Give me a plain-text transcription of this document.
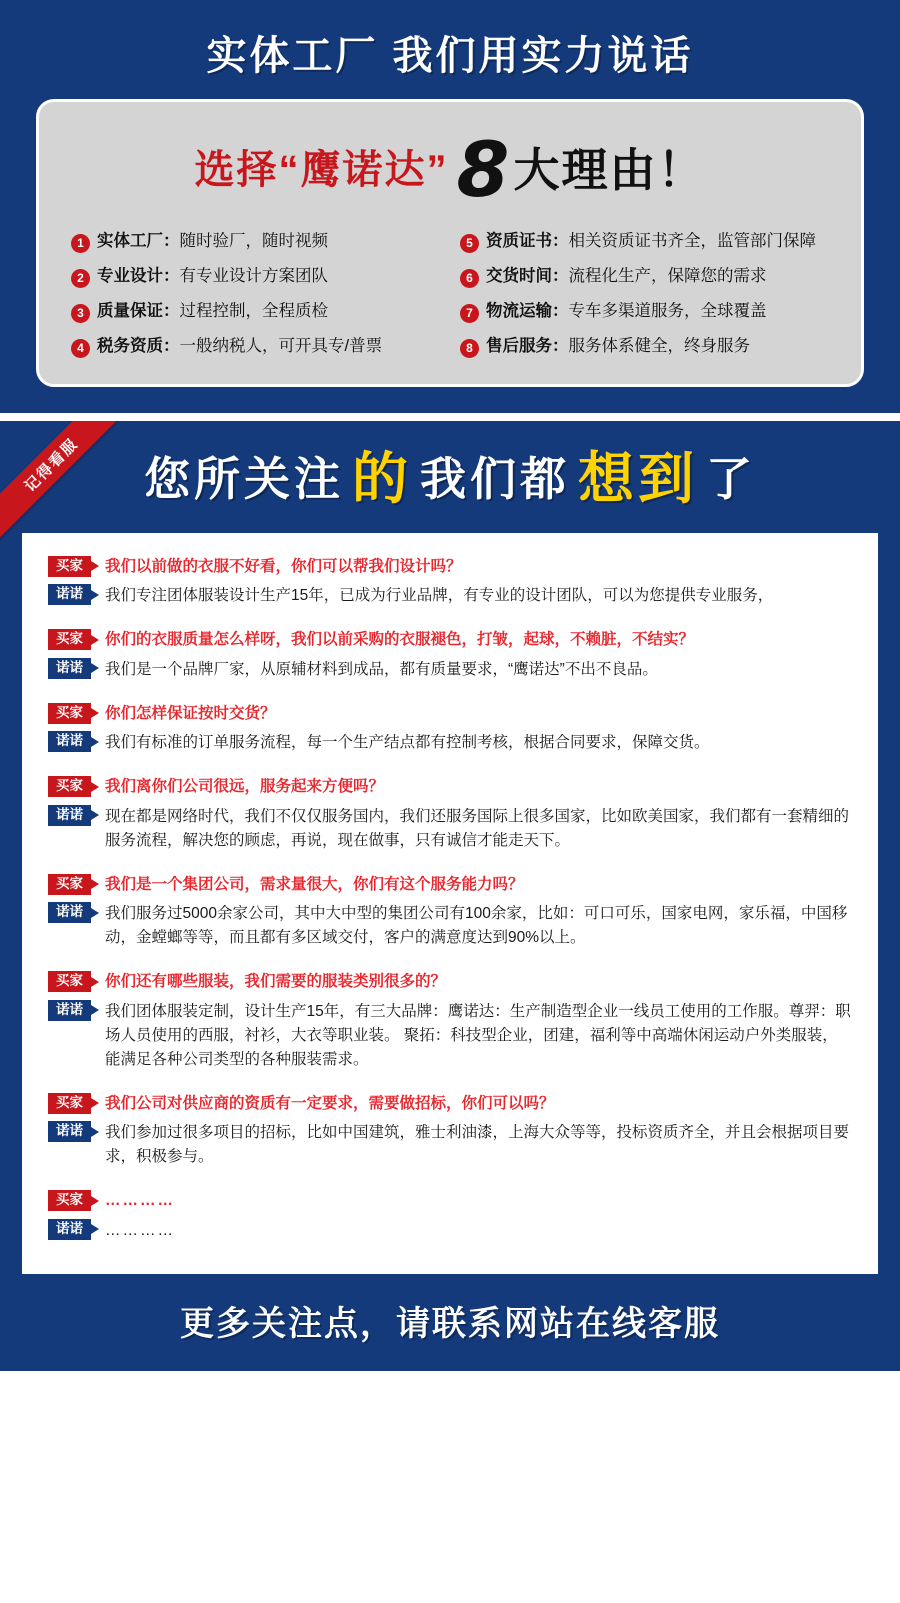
实体工厂 我们用实力说话
选择“鹰诺达” 8大理由！
1 实体工厂：随时验厂，随时视频	5 资质证书：相关资质证书齐全，监管部门保障
2 专业设计：有专业设计方案团队	6 交货时间：流程化生产，保障您的需求
3 质量保证：过程控制，全程质检	7 物流运输：专车多渠道服务，全球覆盖
4 税务资质：一般纳税人，可开具专/普票	8 售后服务：服务体系健全，终身服务
记得看服	您所关注 的 我们都 想到 了
买家	我们以前做的衣服不好看，你们可以帮我们设计吗？
诺诺	我们专注团体服装设计生产15年，已成为行业品牌，有专业的设计团队，可以为您提供专业服务，
买家	你们的衣服质量怎么样呀，我们以前采购的衣服褪色，打皱，起球，不赖脏，不结实？
诺诺	我们是一个品牌厂家，从原辅材料到成品，都有质量要求，“鹰诺达”不出不良品。
买家	你们怎样保证按时交货？
诺诺	我们有标准的订单服务流程，每一个生产结点都有控制考核，根据合同要求，保障交货。
买家	我们离你们公司很远，服务起来方便吗？
诺诺	现在都是网络时代，我们不仅仅服务国内，我们还服务国际上很多国家，比如欧美国家，我们都有一套精细的服务流程，解决您的顾虑，再说，现在做事，只有诚信才能走天下。
买家	我们是一个集团公司，需求量很大，你们有这个服务能力吗？
诺诺	我们服务过5000余家公司，其中大中型的集团公司有100余家，比如：可口可乐，国家电网，家乐福，中国移动，金螳螂等等，而且都有多区域交付，客户的满意度达到90%以上。
买家	你们还有哪些服装，我们需要的服装类别很多的？
诺诺	我们团体服装定制，设计生产15年，有三大品牌：鹰诺达：生产制造型企业一线员工使用的工作服。尊羿：职场人员使用的西服，衬衫，大衣等职业装。 聚拓：科技型企业，团建，福利等中高端休闲运动户外类服装，能满足各种公司类型的各种服装需求。
买家	我们公司对供应商的资质有一定要求，需要做招标，你们可以吗？
诺诺	我们参加过很多项目的招标，比如中国建筑，雅士利油漆，上海大众等等，投标资质齐全，并且会根据项目要求，积极参与。
买家	…………
诺诺	…………
更多关注点，请联系网站在线客服
